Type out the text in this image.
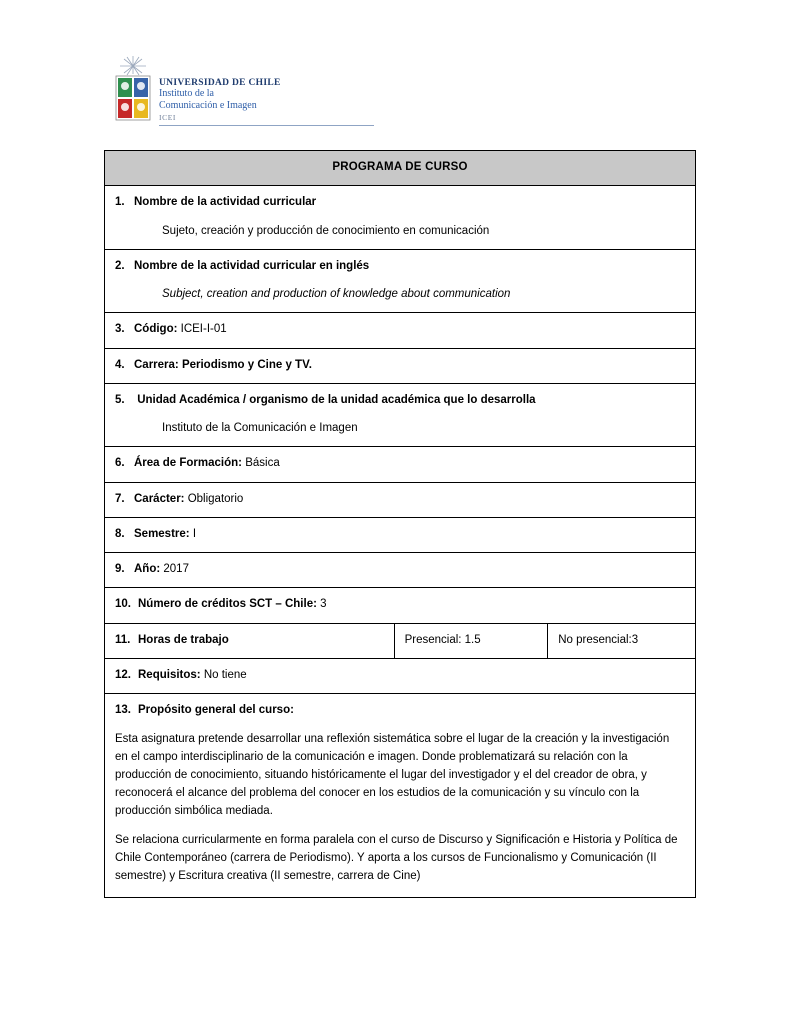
UNIVERSIDAD DE CHILE
Instituto de la
Comunicación e Imagen
ICEI
PROGRAMA DE CURSO
1. Nombre de la actividad curricular
Sujeto, creación y producción de conocimiento en comunicación

2. Nombre de la actividad curricular en inglés
Subject, creation and production of knowledge about communication

3. Código: ICEI-I-01
4. Carrera: Periodismo y Cine y TV.
5. Unidad Académica / organismo de la unidad académica que lo desarrolla
Instituto de la Comunicación e Imagen

6. Área de Formación: Básica
7. Carácter: Obligatorio
8. Semestre: I
9. Año: 2017
10. Número de créditos SCT – Chile: 3
11. Horas de trabajo	Presencial: 1.5	No presencial:3
12. Requisitos: No tiene

13. Propósito general del curso:

Esta asignatura pretende desarrollar una reflexión sistemática sobre el lugar de la creación y la investigación en el campo interdisciplinario de la comunicación e imagen. Donde problematizará su relación con la producción de conocimiento, situando históricamente el lugar del investigador y el del creador de obra, y reconocerá el alcance del problema del conocer en los estudios de la comunicación y su vínculo con la producción simbólica mediada.

Se relaciona curricularmente en forma paralela con el curso de Discurso y Significación e Historia y Política de Chile Contemporáneo (carrera de Periodismo). Y aporta a los cursos de Funcionalismo y Comunicación (II semestre) y Escritura creativa (II semestre, carrera de Cine)
